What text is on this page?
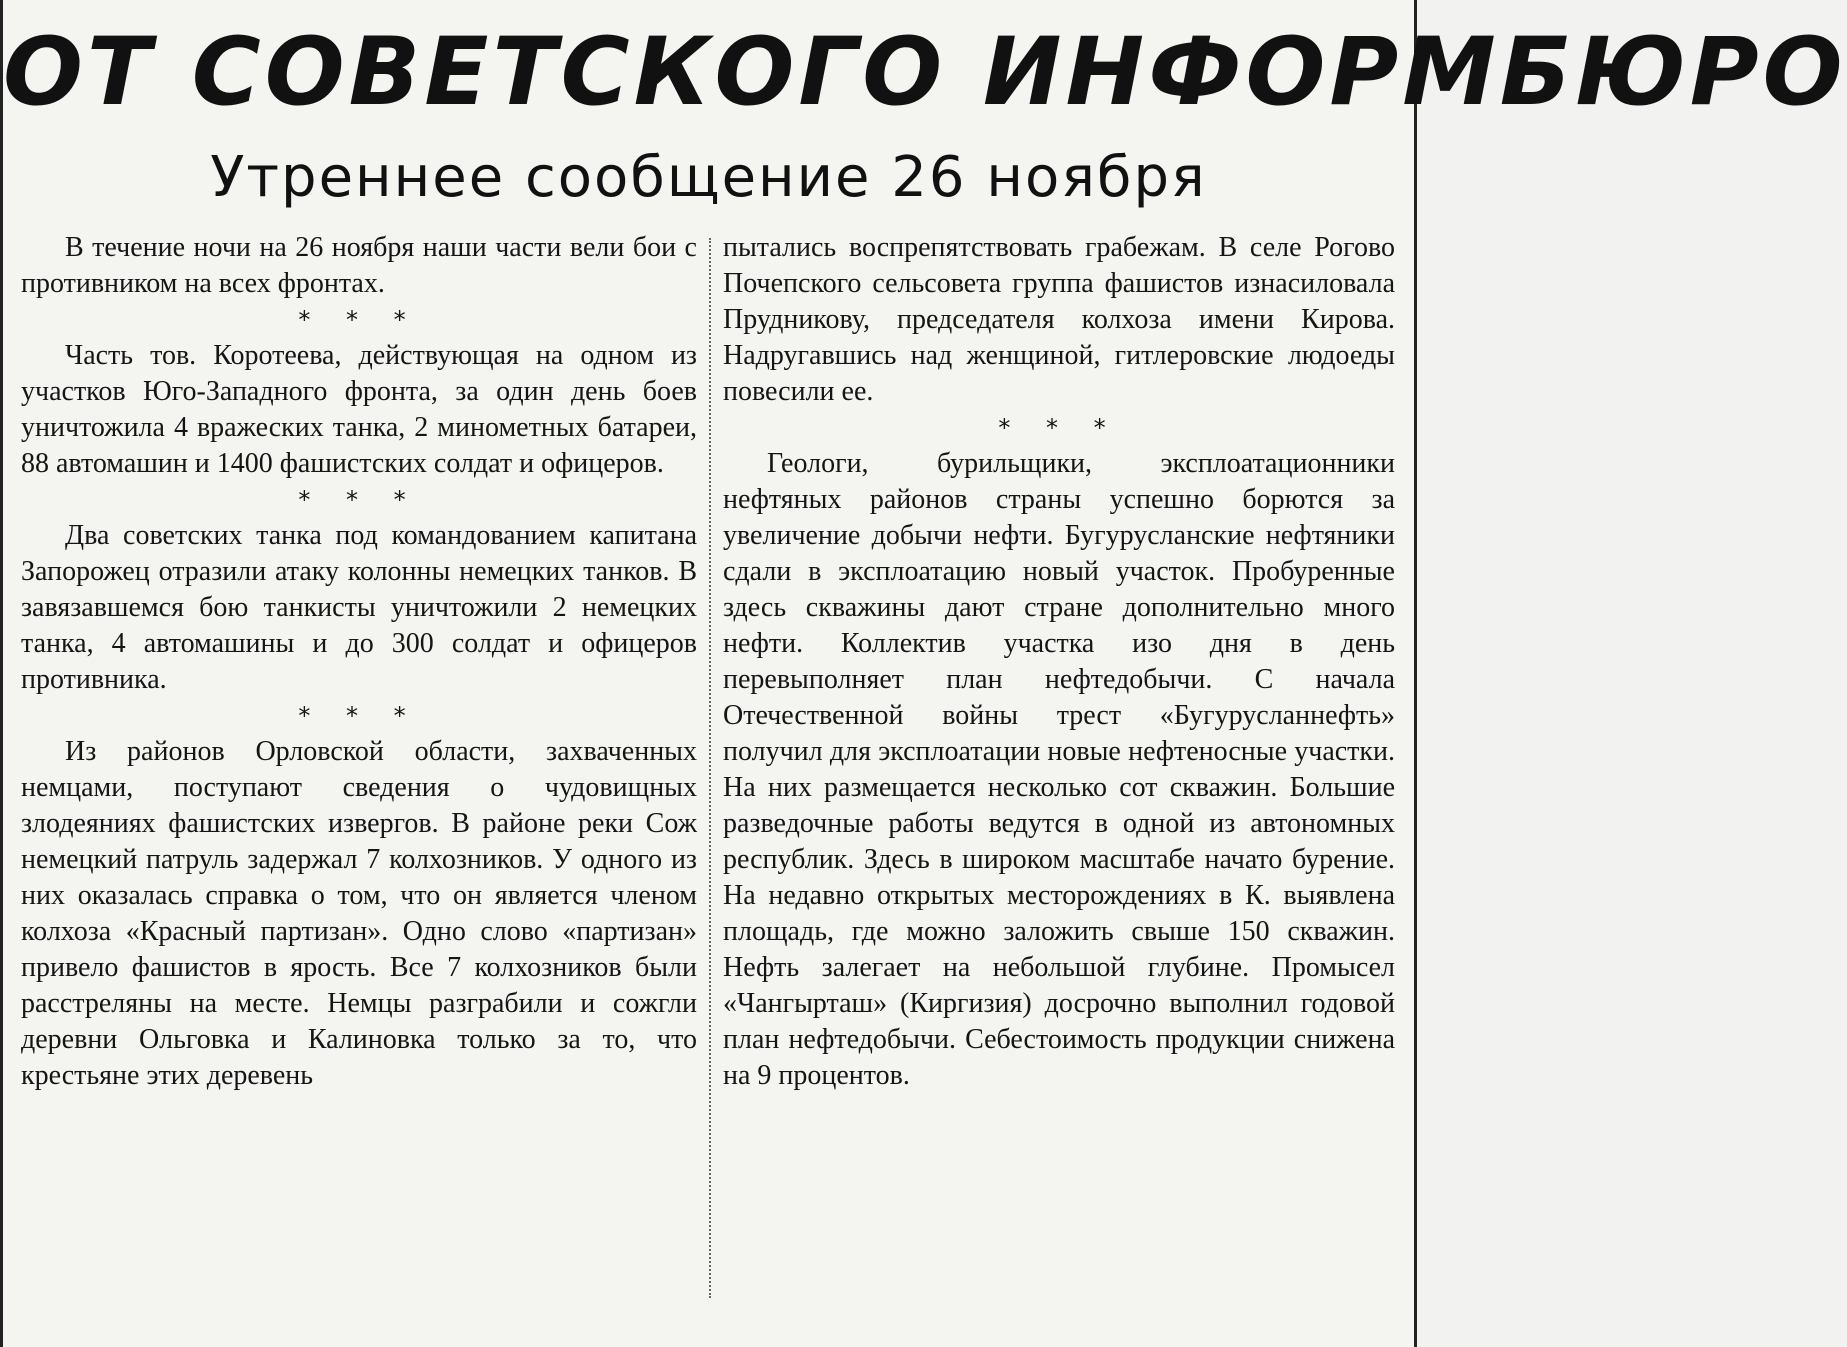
ОТ СОВЕТСКОГО ИНФОРМБЮРО
Утреннее сообщение 26 ноября

В течение ночи на 26 ноября наши части вели бои с противником на всех фронтах.

* * *

Часть тов. Коротеева, действующая на одном из участков Юго-Западного фронта, за один день боев уничтожила 4 вражеских танка, 2 минометных батареи, 88 автомашин и 1400 фашистских солдат и офицеров.

* * *

Два советских танка под командованием капитана Запорожец отразили атаку колонны немецких танков. В завязавшемся бою танкисты уничтожили 2 немецких танка, 4 автомашины и до 300 солдат и офицеров противника.

* * *

Из районов Орловской области, захваченных немцами, поступают сведения о чудовищных злодеяниях фашистских извергов. В районе реки Сож немецкий патруль задержал 7 колхозников. У одного из них оказалась справка о том, что он является членом колхоза «Красный партизан». Одно слово «партизан» привело фашистов в ярость. Все 7 колхозников были расстреляны на месте. Немцы разграбили и сожгли деревни Ольговка и Калиновка только за то, что крестьяне этих деревень

пытались воспрепятствовать грабежам. В селе Рогово Почепского сельсовета группа фашистов изнасиловала Прудникову, председателя колхоза имени Кирова. Надругавшись над женщиной, гитлеровские людоеды повесили ее.

* * *

Геологи, бурильщики, эксплоатационники нефтяных районов страны успешно борются за увеличение добычи нефти. Бугурусланские нефтяники сдали в эксплоатацию новый участок. Пробуренные здесь скважины дают стране дополнительно много нефти. Коллектив участка изо дня в день перевыполняет план нефтедобычи. С начала Отечественной войны трест «Бугурусланнефть» получил для эксплоатации новые нефтеносные участки. На них размещается несколько сот скважин. Большие разведочные работы ведутся в одной из автономных республик. Здесь в широком масштабе начато бурение. На недавно открытых месторождениях в К. выявлена площадь, где можно заложить свыше 150 скважин. Нефть залегает на небольшой глубине. Промысел «Чангырташ» (Киргизия) досрочно выполнил годовой план нефтедобычи. Себестоимость продукции снижена на 9 процентов.
